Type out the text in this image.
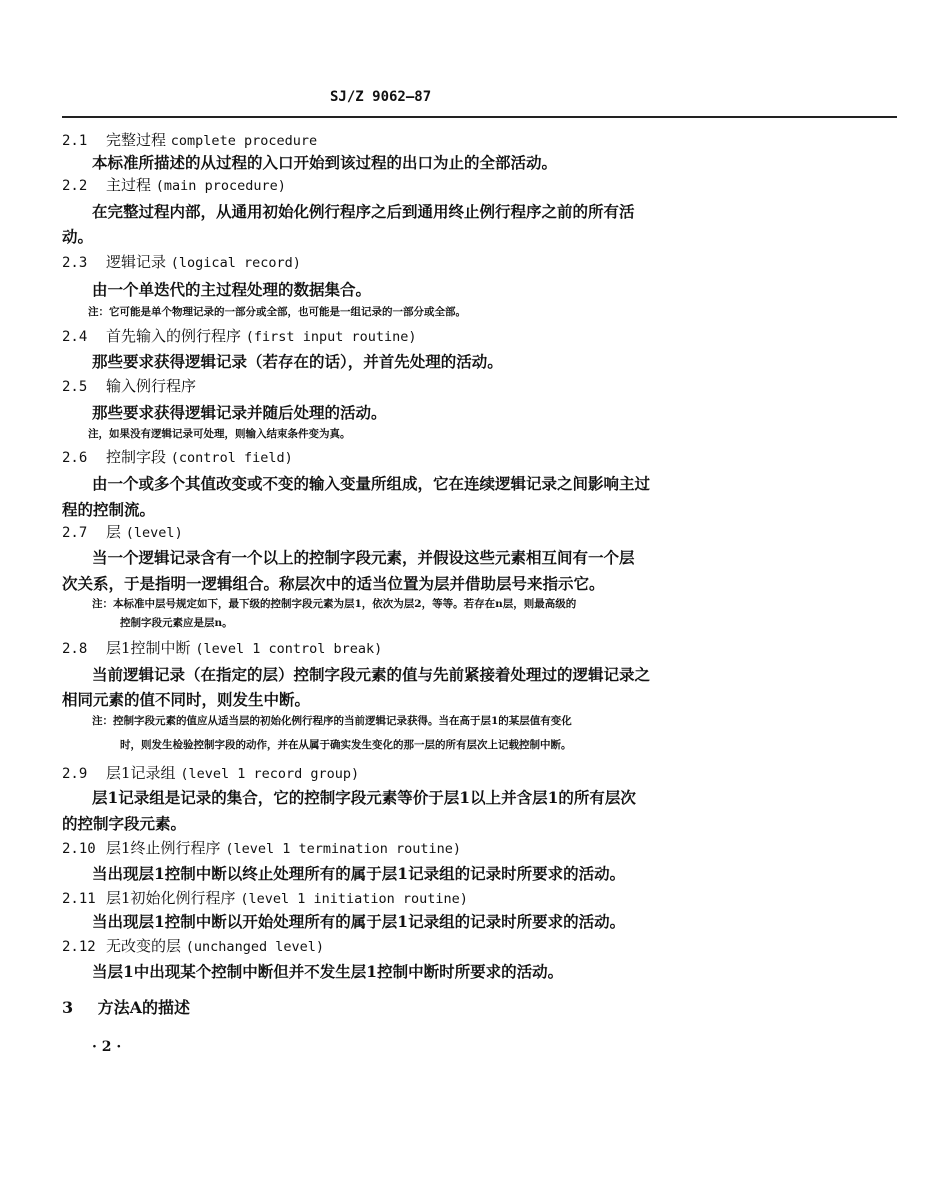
SJ/Z 9062—87
2.1 完整过程 complete procedure
本标准所描述的从过程的入口开始到该过程的出口为止的全部活动。
2.2 主过程 (main procedure)
在完整过程内部，从通用初始化例行程序之后到通用终止例行程序之前的所有活
动。
2.3 逻辑记录 (logical record)
由一个单迭代的主过程处理的数据集合。
注：它可能是单个物理记录的一部分或全部，也可能是一组记录的一部分或全部。
2.4 首先输入的例行程序 (first input routine)
那些要求获得逻辑记录（若存在的话），并首先处理的活动。
2.5 输入例行程序
那些要求获得逻辑记录并随后处理的活动。
注，如果没有逻辑记录可处理，则输入结束条件变为真。
2.6 控制字段 (control field)
由一个或多个其值改变或不变的输入变量所组成，它在连续逻辑记录之间影响主过
程的控制流。
2.7 层 (level)
当一个逻辑记录含有一个以上的控制字段元素，并假设这些元素相互间有一个层
次关系，于是指明一逻辑组合。称层次中的适当位置为层并借助层号来指示它。
注：本标准中层号规定如下，最下级的控制字段元素为层1，依次为层2，等等。若存在n层，则最高级的
控制字段元素应是层n。
2.8 层1控制中断 (level 1 control break)
当前逻辑记录（在指定的层）控制字段元素的值与先前紧接着处理过的逻辑记录之
相同元素的值不同时，则发生中断。
注：控制字段元素的值应从适当层的初始化例行程序的当前逻辑记录获得。当在高于层1的某层值有变化
时，则发生检验控制字段的动作，并在从属于确实发生变化的那一层的所有层次上记载控制中断。
2.9 层1记录组 (level 1 record group)
层1记录组是记录的集合，它的控制字段元素等价于层1以上并含层1的所有层次
的控制字段元素。
2.10 层1终止例行程序 (level 1 termination routine)
当出现层1控制中断以终止处理所有的属于层1记录组的记录时所要求的活动。
2.11 层1初始化例行程序 (level 1 initiation routine)
当出现层1控制中断以开始处理所有的属于层1记录组的记录时所要求的活动。
2.12 无改变的层 (unchanged level)
当层1中出现某个控制中断但并不发生层1控制中断时所要求的活动。
3 方法A的描述
· 2 ·
